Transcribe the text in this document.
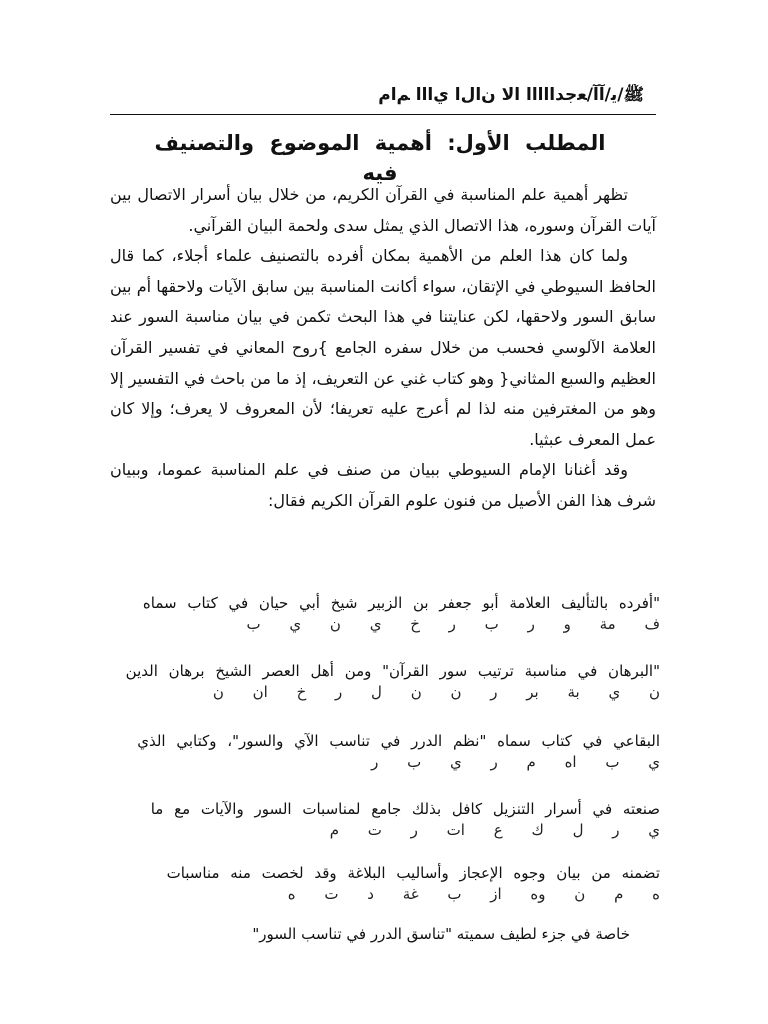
ﷺ/ﻳ/ﺁﺁ/ﻌﺟﺪﺍﺍﺍﺍﺍ ﺍﻟﺎ ﻥﺍﻝﺍ ﻱﺍﺍﺍ ﻢﺍﻡ
المطلب الأول: أهمية الموضوع والتصنيف فيه

تظهر أهمية علم المناسبة في القرآن الكريم، من خلال بيان أسرار الاتصال بين آيات القرآن وسوره، هذا الاتصال الذي يمثل سدى ولحمة البيان القرآني.

ولما كان هذا العلم من الأهمية بمكان أفرده بالتصنيف علماء أجلاء، كما قال الحافظ السيوطي في الإتقان، سواء أكانت المناسبة بين سابق الآيات ولاحقها أم بين سابق السور ولاحقها، لكن عنايتنا في هذا البحث تكمن في بيان مناسبة السور عند العلامة الآلوسي فحسب من خلال سفره الجامع }روح المعاني في تفسير القرآن العظيم والسبع المثاني{ وهو كتاب غني عن التعريف، إذ ما من باحث في التفسير إلا وهو من المغترفين منه لذا لم أعرج عليه تعريفا؛ لأن المعروف لا يعرف؛ وإلا كان عمل المعرف عبثيا.

وقد أغنانا الإمام السيوطي ببيان من صنف في علم المناسبة عموما، وببيان شرف هذا الفن الأصيل من فنون علوم القرآن الكريم فقال:

"أفرده بالتأليف العلامة أبو جعفر بن الزبير شيخ أبي حيان في كتاب سماه
ف مة و ر ب ر خ ي ن ي ب
"البرهان في مناسبة ترتيب سور القرآن" ومن أهل العصر الشيخ برهان الدين
ن ي بة بر ر ن ن ل ر خ ان ن
البقاعي في كتاب سماه "نظم الدرر في تناسب الآي والسور"، وكتابي الذي
ي ب اه م ر ي ب ر
صنعته في أسرار التنزيل كافل بذلك جامع لمناسبات السور والآيات مع ما
ي ر ل ك ع ات ر ت م
تضمنه من بيان وجوه الإعجاز وأساليب البلاغة وقد لخصت منه مناسبات
ه م ن وه از ب غة د ت ه
خاصة في جزء لطيف سميته "تناسق الدرر في تناسب السور"
